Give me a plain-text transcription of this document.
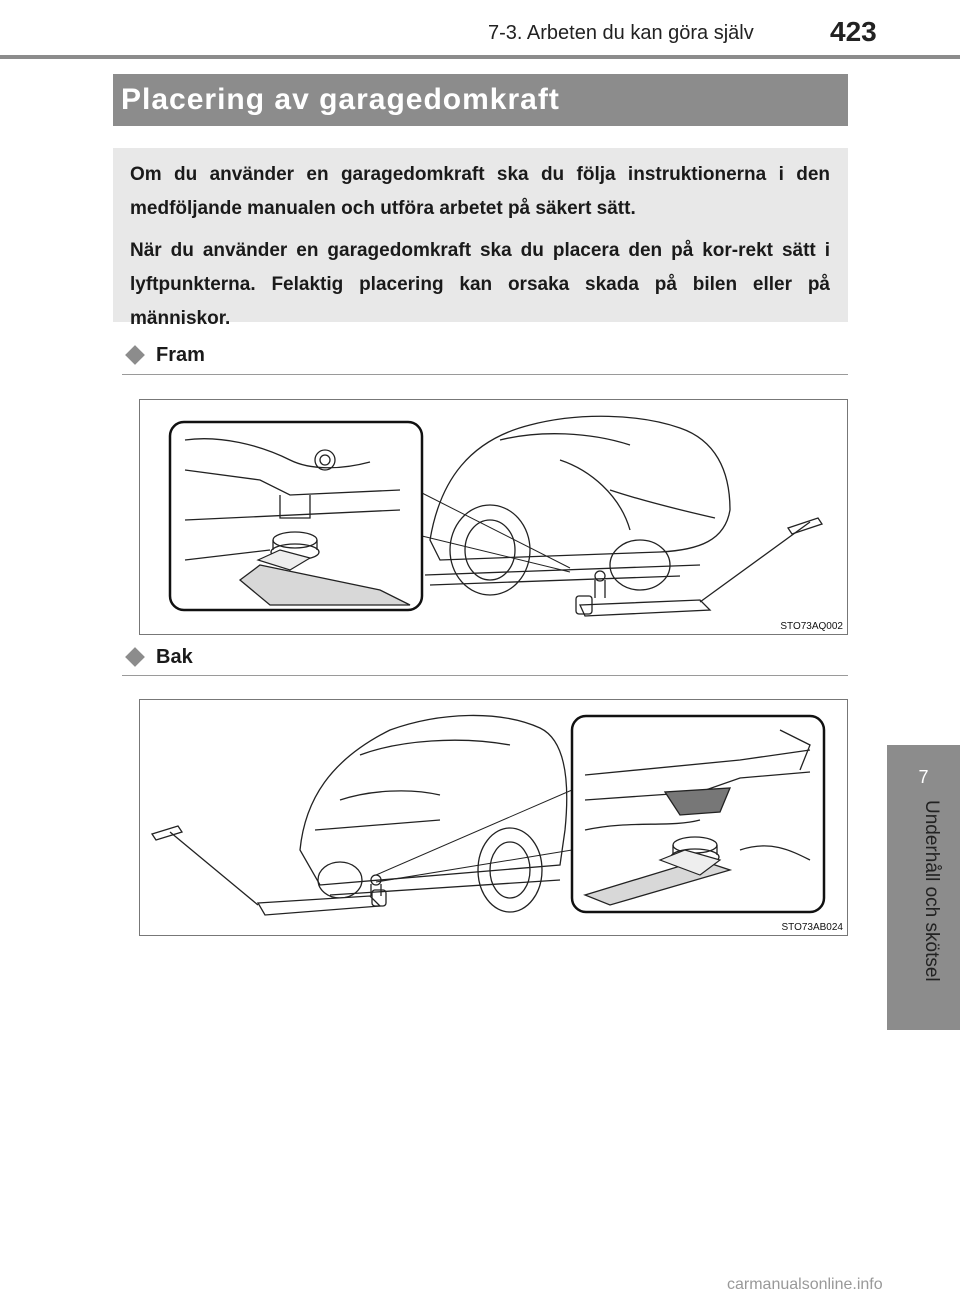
7-3. Arbeten du kan göra själv	423
Placering av garagedomkraft

Om du använder en garagedomkraft ska du följa instruktionerna i den medföljande manualen och utföra arbetet på säkert sätt.

När du använder en garagedomkraft ska du placera den på kor-rekt sätt i lyftpunkterna. Felaktig placering kan orsaka skada på bilen eller på människor.

Fram
STO73AQ002
Bak
STO73AB024
7
Underhåll och skötsel
carmanualsonline.info
